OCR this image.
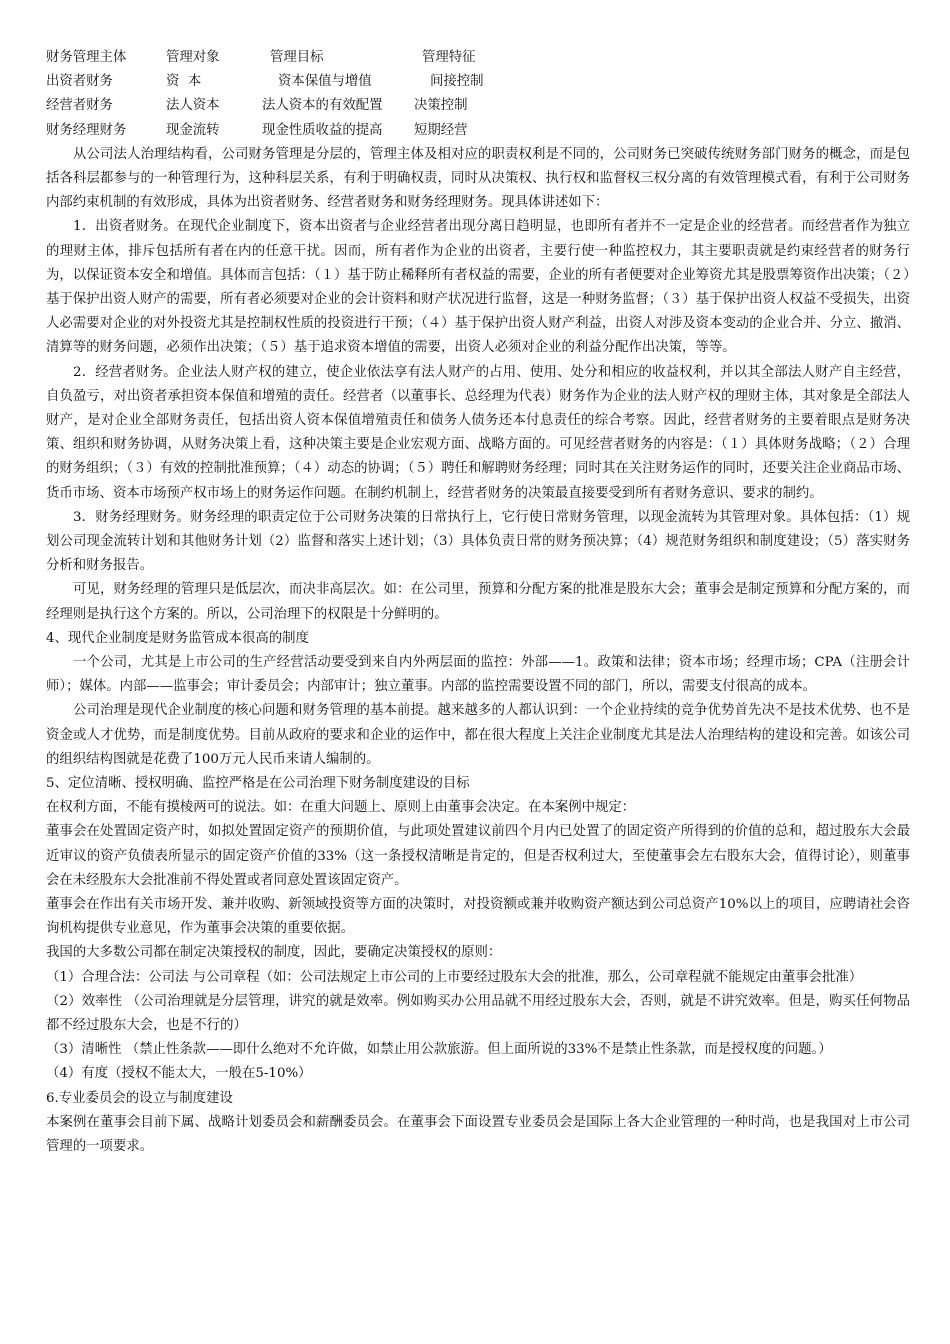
财务管理主体	管理对象	管理目标	管理特征
出资者财务	资  本	资本保值与增值	间接控制
经营者财务	法人资本	法人资本的有效配置	决策控制
财务经理财务	现金流转	现金性质收益的提高	短期经营

从公司法人治理结构看，公司财务管理是分层的，管理主体及相对应的职责权利是不同的，公司财务已突破传统财务部门财务的概念，而是包括各科层都参与的一种管理行为，这种科层关系，有利于明确权责，同时从决策权、执行权和监督权三权分离的有效管理模式看，有利于公司财务内部约束机制的有效形成，具体为出资者财务、经营者财务和财务经理财务。现具体讲述如下：

1．出资者财务。在现代企业制度下，资本出资者与企业经营者出现分离日趋明显，也即所有者并不一定是企业的经营者。而经营者作为独立的理财主体，排斥包括所有者在内的任意干扰。因而，所有者作为企业的出资者，主要行使一种监控权力，其主要职责就是约束经营者的财务行为，以保证资本安全和增值。具体而言包括：（１）基于防止稀释所有者权益的需要，企业的所有者便要对企业筹资尤其是股票筹资作出决策；（２）基于保护出资人财产的需要，所有者必须要对企业的会计资料和财产状况进行监督，这是一种财务监督；（３）基于保护出资人权益不受损失，出资人必需要对企业的对外投资尤其是控制权性质的投资进行干预；（４）基于保护出资人财产利益，出资人对涉及资本变动的企业合并、分立、撤消、清算等的财务问题，必须作出决策；（５）基于追求资本增值的需要，出资人必须对企业的利益分配作出决策，等等。

2．经营者财务。企业法人财产权的建立，使企业依法享有法人财产的占用、使用、处分和相应的收益权利，并以其全部法人财产自主经营，自负盈亏，对出资者承担资本保值和增殖的责任。经营者（以董事长、总经理为代表）财务作为企业的法人财产权的理财主体，其对象是全部法人财产，是对企业全部财务责任，包括出资人资本保值增殖责任和债务人债务还本付息责任的综合考察。因此，经营者财务的主要着眼点是财务决策、组织和财务协调，从财务决策上看，这种决策主要是企业宏观方面、战略方面的。可见经营者财务的内容是：（１）具体财务战略；（２）合理的财务组织；（３）有效的控制批准预算；（４）动态的协调；（５）聘任和解聘财务经理；同时其在关注财务运作的同时，还要关注企业商品市场、货币市场、资本市场预产权市场上的财务运作问题。在制约机制上，经营者财务的决策最直接要受到所有者财务意识、要求的制约。

3．财务经理财务。财务经理的职责定位于公司财务决策的日常执行上，它行使日常财务管理，以现金流转为其管理对象。具体包括：（1）规划公司现金流转计划和其他财务计划（2）监督和落实上述计划；（3）具体负责日常的财务预决算；（4）规范财务组织和制度建设；（5）落实财务分析和财务报告。

可见，财务经理的管理只是低层次，而决非高层次。如：在公司里，预算和分配方案的批准是股东大会；董事会是制定预算和分配方案的，而经理则是执行这个方案的。所以，公司治理下的权限是十分鲜明的。

4、现代企业制度是财务监管成本很高的制度

一个公司，尤其是上市公司的生产经营活动要受到来自内外两层面的监控：外部——1。政策和法律；资本市场；经理市场；CPA（注册会计师）；媒体。内部——监事会；审计委员会；内部审计；独立董事。内部的监控需要设置不同的部门，所以，需要支付很高的成本。

公司治理是现代企业制度的核心问题和财务管理的基本前提。越来越多的人都认识到：一个企业持续的竞争优势首先决不是技术优势、也不是资金或人才优势，而是制度优势。目前从政府的要求和企业的运作中，都在很大程度上关注企业制度尤其是法人治理结构的建设和完善。如该公司的组织结构图就是花费了100万元人民币来请人编制的。

5、定位清晰、授权明确、监控严格是在公司治理下财务制度建设的目标

在权利方面，不能有摸棱两可的说法。如：在重大问题上、原则上由董事会决定。在本案例中规定：

董事会在处置固定资产时，如拟处置固定资产的预期价值，与此项处置建议前四个月内已处置了的固定资产所得到的价值的总和，超过股东大会最近审议的资产负债表所显示的固定资产价值的33%（这一条授权清晰是肯定的，但是否权利过大，至使董事会左右股东大会，值得讨论），则董事会在未经股东大会批准前不得处置或者同意处置该固定资产。

董事会在作出有关市场开发、兼并收购、新领域投资等方面的决策时，对投资额或兼并收购资产额达到公司总资产10%以上的项目，应聘请社会咨询机构提供专业意见，作为董事会决策的重要依据。

我国的大多数公司都在制定决策授权的制度，因此，要确定决策授权的原则：

（1）合理合法：公司法 与公司章程（如：公司法规定上市公司的上市要经过股东大会的批准，那么，公司章程就不能规定由董事会批准）

（2）效率性 （公司治理就是分层管理，讲究的就是效率。例如购买办公用品就不用经过股东大会，否则，就是不讲究效率。但是，购买任何物品都不经过股东大会，也是不行的）

（3）清晰性 （禁止性条款——即什么绝对不允许做，如禁止用公款旅游。但上面所说的33%不是禁止性条款，而是授权度的问题。）

（4）有度（授权不能太大，一般在5-10%）

6.专业委员会的设立与制度建设

本案例在董事会目前下属、战略计划委员会和薪酬委员会。在董事会下面设置专业委员会是国际上各大企业管理的一种时尚，也是我国对上市公司管理的一项要求。
